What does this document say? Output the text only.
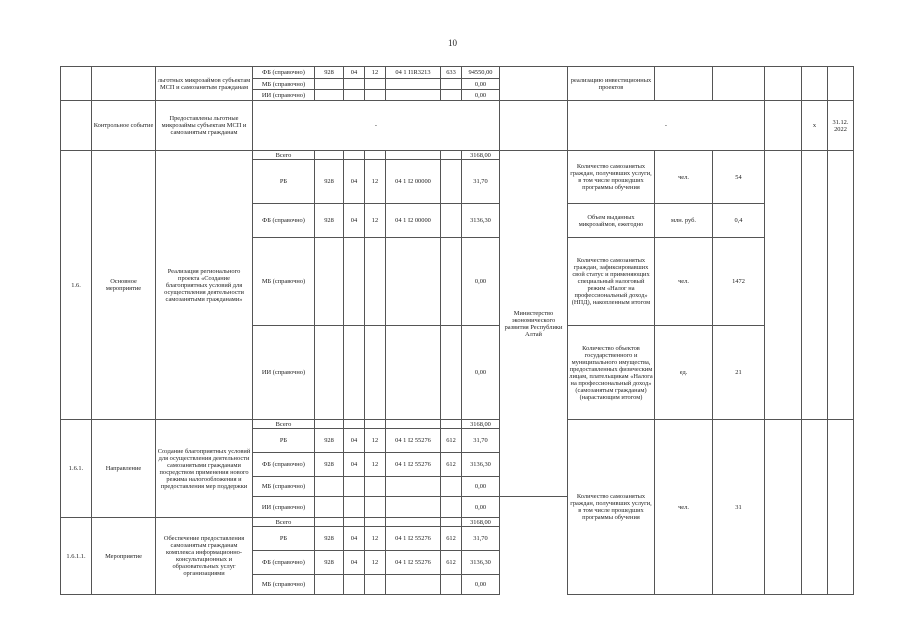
10
		льготных микрозаймов субъектам МСП и самозанятым гражданам	ФБ (справочно)	928	04	12	04 1 I1R3213	633	94550,00		реализацию инвестиционных проектов					
			МБ (справочно)						0,00							
			ИИ (справочно)						0,00							
	Контрольное событие	Предоставлены льготные микрозаймы субъектам МСП и самозанятым гражданам	-								-				х	31.12. 2022
1.6.	Основное мероприятие	Реализация регионального проекта «Создание благоприятных условий для осуществления деятельности самозанятыми гражданами»	Всего						3168,00	Министерство экономического развития Республики Алтай	Количество самозанятых граждан, получивших услуги, в том числе прошедших программы обучения	чел.	54			
			РБ	928	04	12	04 1 I2 00000		31,70							
			ФБ (справочно)	928	04	12	04 1 I2 00000		3136,30		Объем выданных микрозаймов, ежегодно	млн. руб.	0,4			
			МБ (справочно)						0,00		Количество самозанятых граждан, зафиксировавших свой статус и применяющих специальный налоговый режим «Налог на профессиональный доход» (НПД), накопленным итогом	чел.	1472			
			ИИ (справочно)						0,00		Количество объектов государственного и муниципального имущества, предоставленных физическим лицам, плательщикам «Налога на профессиональный доход» (самозанятым гражданам) (нарастающим итогом)	ед.	21			
1.6.1.	Направление	Создание благоприятных условий для осуществления деятельности самозанятыми гражданами посредством применения нового режима налогообложения и предоставления мер поддержки	Всего						3168,00		Количество самозанятых граждан, получивших услуги, в том числе прошедших программы обучения	чел.	31			
			РБ	928	04	12	04 1 I2 55276	612	31,70							
			ФБ (справочно)	928	04	12	04 1 I2 55276	612	3136,30							
			МБ (справочно)						0,00							
			ИИ (справочно)						0,00							
1.6.1.1.	Мероприятие	Обеспечение предоставления самозанятым гражданам комплекса информационно-консультационных и образовательных услуг организациями	Всего						3168,00							
			РБ	928	04	12	04 1 I2 55276	612	31,70							
			ФБ (справочно)	928	04	12	04 1 I2 55276	612	3136,30							
			МБ (справочно)						0,00							
